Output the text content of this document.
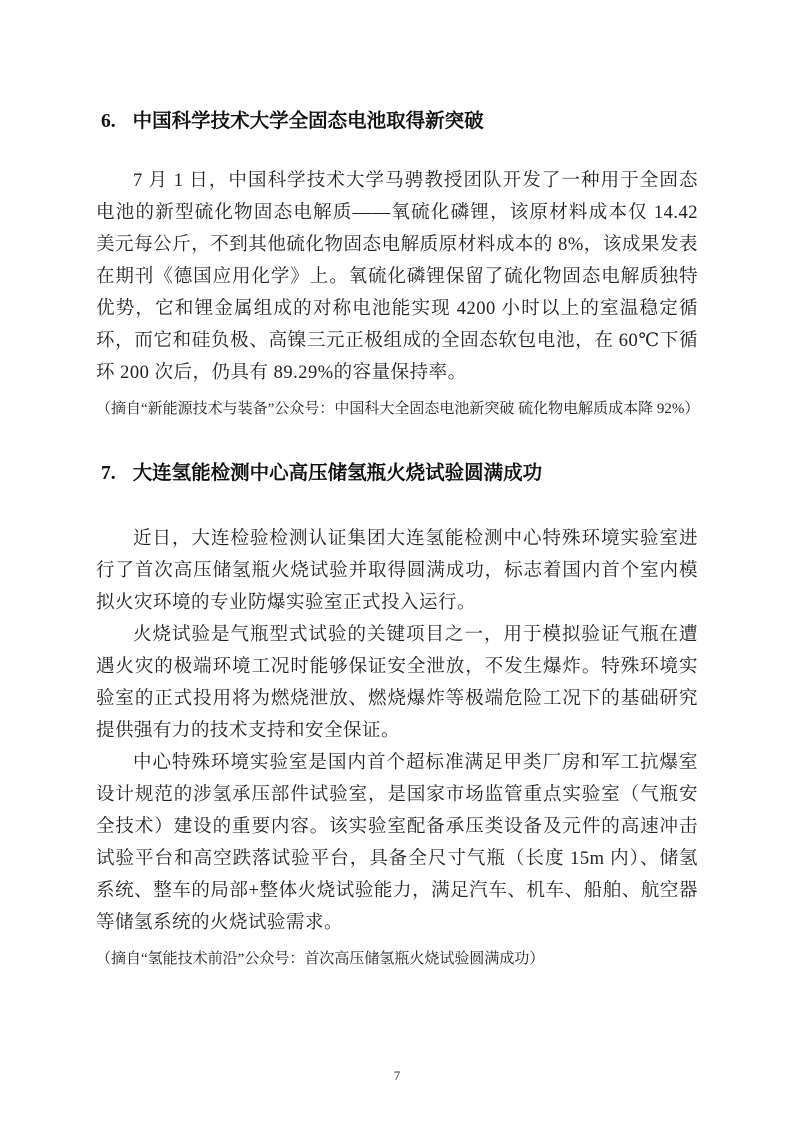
6. 中国科学技术大学全固态电池取得新突破

7 月 1 日，中国科学技术大学马骋教授团队开发了一种用于全固态电池的新型硫化物固态电解质——氧硫化磷锂，该原材料成本仅 14.42 美元每公斤，不到其他硫化物固态电解质原材料成本的 8%，该成果发表在期刊《德国应用化学》上。氧硫化磷锂保留了硫化物固态电解质独特优势，它和锂金属组成的对称电池能实现 4200 小时以上的室温稳定循环，而它和硅负极、高镍三元正极组成的全固态软包电池，在 60℃下循环 200 次后，仍具有 89.29%的容量保持率。

（摘自“新能源技术与装备”公众号：中国科大全固态电池新突破 硫化物电解质成本降 92%）
7. 大连氢能检测中心高压储氢瓶火烧试验圆满成功

近日，大连检验检测认证集团大连氢能检测中心特殊环境实验室进行了首次高压储氢瓶火烧试验并取得圆满成功，标志着国内首个室内模拟火灾环境的专业防爆实验室正式投入运行。

火烧试验是气瓶型式试验的关键项目之一，用于模拟验证气瓶在遭遇火灾的极端环境工况时能够保证安全泄放，不发生爆炸。特殊环境实验室的正式投用将为燃烧泄放、燃烧爆炸等极端危险工况下的基础研究提供强有力的技术支持和安全保证。

中心特殊环境实验室是国内首个超标准满足甲类厂房和军工抗爆室设计规范的涉氢承压部件试验室，是国家市场监管重点实验室（气瓶安全技术）建设的重要内容。该实验室配备承压类设备及元件的高速冲击试验平台和高空跌落试验平台，具备全尺寸气瓶（长度 15m 内）、储氢系统、整车的局部+整体火烧试验能力，满足汽车、机车、船舶、航空器等储氢系统的火烧试验需求。

（摘自“氢能技术前沿”公众号：首次高压储氢瓶火烧试验圆满成功）
7
